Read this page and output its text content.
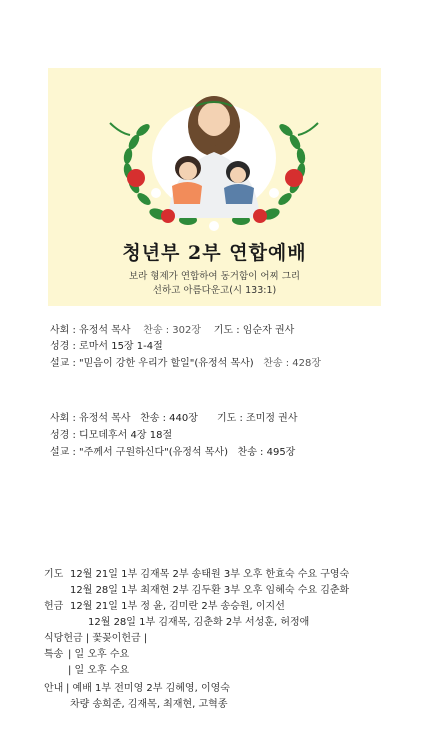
청년부 2부 연합예배
보라 형제가 연합하여 동거함이 어찌 그리
선하고 아름다운고(시 133:1)
사회 : 유정석 목사 찬송 : 302장 기도 : 임순자 권사
성경 : 로마서 15장 1-4절
설교 : "믿음이 강한 우리가 할일"(유정석 목사) 찬송 : 428장
사회 : 유정석 목사 찬송 : 440장 기도 : 조미정 권사
성경 : 디모데후서 4장 18절
설교 : "주께서 구원하신다"(유정석 목사) 찬송 : 495장
기도 12월 21일 1부 김재목 2부 송태원 3부 오후 한효숙 수요 구영숙
12월 28일 1부 최재현 2부 김두환 3부 오후 임혜숙 수요 김춘화
헌금 12월 21일 1부 정 윤, 김미란 2부 송승원, 이지선
12월 28일 1부 김재목, 김춘화 2부 서성훈, 허정애
식당헌금 | 꽃꽂이헌금 |
특송 | 일 오후 수요
| 일 오후 수요
안내 | 예배 1부 전미영 2부 김혜영, 이영숙
차량 송희준, 김재목, 최재현, 고혁종
